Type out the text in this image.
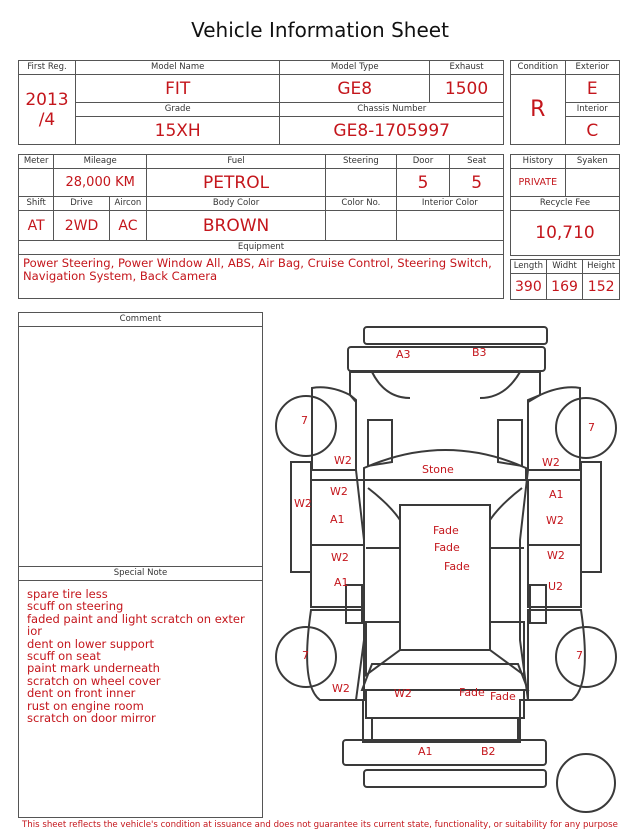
Vehicle Information Sheet
First Reg.	Model Name	Model Type	Exhaust

2013
/4	FIT	GE8	1500
	Grade	Chassis Number	
	15XH	GE8-1705997	
Condition	Exterior
R	E
	Interior
	C
Meter	Mileage		Fuel	Steering	Door	Seat
	28,000 KM		PETROL		5	5
Shift	Drive	Aircon	Body Color	Color No.	Interior Color	
AT	2WD	AC	BROWN			
Equipment						
Power Steering, Power Window All, ABS, Air Bag, Cruise Control, Steering Switch, Navigation System, Back Camera						
History	Syaken
PRIVATE	
Recycle Fee	
10,710	
Length	Widht	Height
390	169	152
Comment
Special Note
spare tire less
scuff on steering
faded paint and light scratch on exter
ior
dent on lower support
scuff on seat
paint mark underneath
scratch on wheel cover
dent on front inner
rust on engine room
scratch on door mirror
A3	B3
7
7
7	7
Stone
W2	W2
W2
W2
A1
W2
A1
A1
W2
W2
U2
Fade
Fade
Fade
W2	W2	Fade Fade
A1	B2
This sheet reflects the vehicle's condition at issuance and does not guarantee its current state, functionality, or suitability for any purpose
